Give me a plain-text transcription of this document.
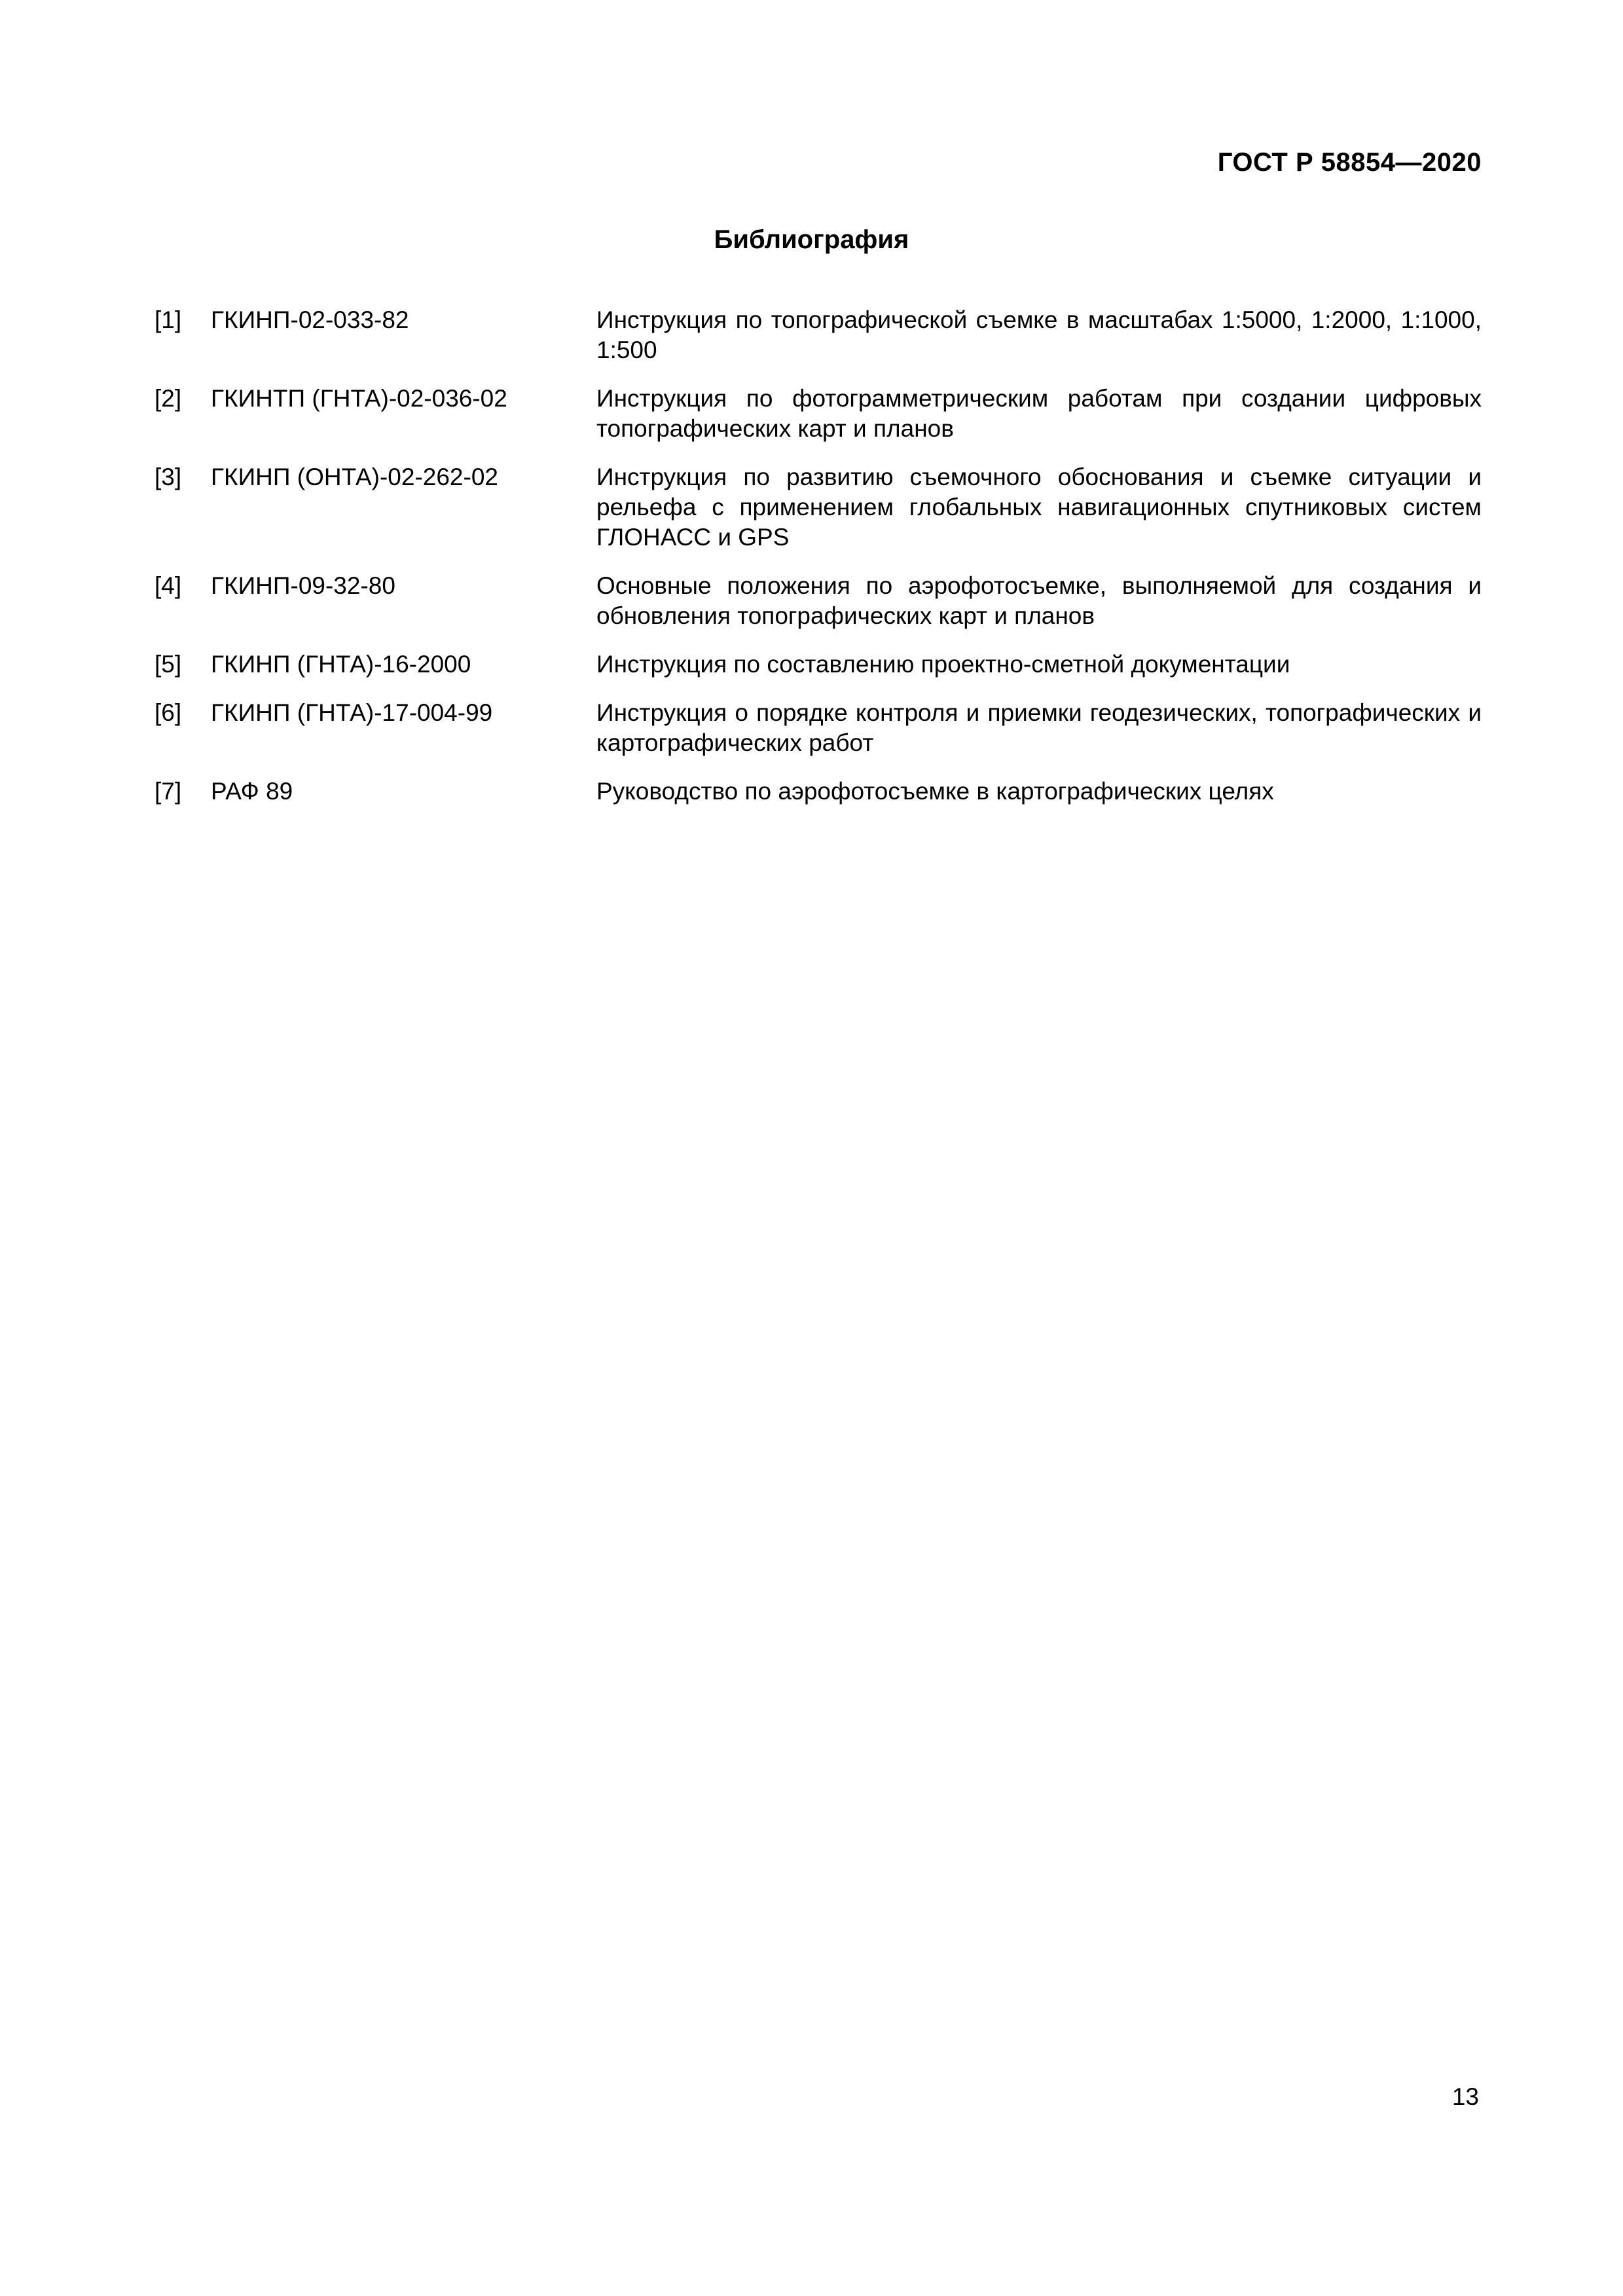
ГОСТ Р 58854—2020
Библиография
[1]	ГКИНП-02-033-82	Инструкция по топографической съемке в масштабах 1:5000, 1:2000, 1:1000, 1:500
[2]	ГКИНТП (ГНТА)-02-036-02	Инструкция по фотограмметрическим работам при создании цифровых топографических карт и планов
[3]	ГКИНП (ОНТА)-02-262-02	Инструкция по развитию съемочного обоснования и съемке ситуации и рельефа с применением глобальных навигационных спутниковых систем ГЛОНАСС и GPS
[4]	ГКИНП-09-32-80	Основные положения по аэрофотосъемке, выполняемой для создания и обновления топографических карт и планов
[5]	ГКИНП (ГНТА)-16-2000	Инструкция по составлению проектно-сметной документации
[6]	ГКИНП (ГНТА)-17-004-99	Инструкция о порядке контроля и приемки геодезических, топографических и картографических работ
[7]	РАФ 89	Руководство по аэрофотосъемке в картографических целях
13
